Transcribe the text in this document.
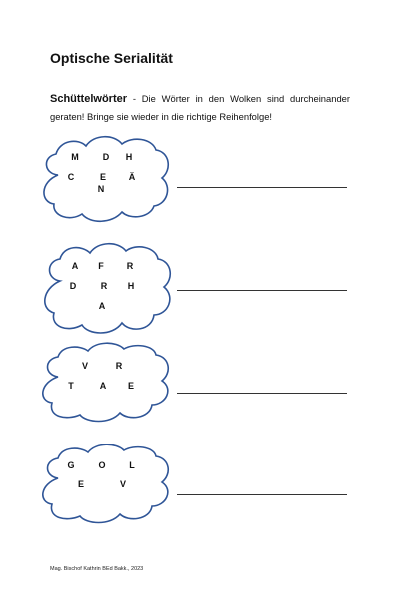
Optische Serialität

Schüttelwörter - Die Wörter in den Wolken sind durcheinander geraten! Bringe sie wieder in die richtige Reihenfolge!

M	D	H
C	E	Ä
N
A	F	R
D	R	H
A
V	R
T	A	E
G	O	L
E	V
Mag. Bischof Kathrin BEd Bakk., 2023
